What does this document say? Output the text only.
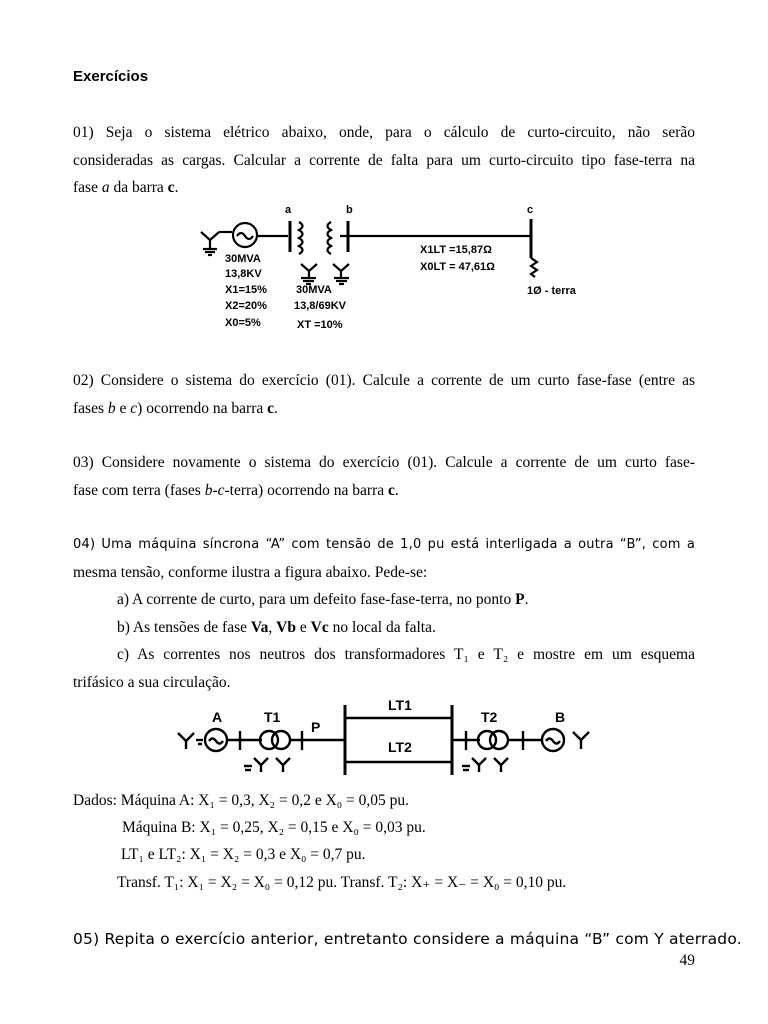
Exercícios

01) Seja o sistema elétrico abaixo, onde, para o cálculo de curto-circuito, não serão

consideradas as cargas. Calcular a corrente de falta para um curto-circuito tipo fase-terra na

fase a da barra c.

a	b	c
30MVA
13,8KV
X1=15%
X2=20%
X0=5%
30MVA
13,8/69KV
XT =10%
X1LT =15,87Ω
X0LT = 47,61Ω
1Ø - terra

02) Considere o sistema do exercício (01). Calcule a corrente de um curto fase-fase (entre as

fases b e c) ocorrendo na barra c.

03) Considere novamente o sistema do exercício (01). Calcule a corrente de um curto fase-

fase com terra (fases b-c-terra) ocorrendo na barra c.

04) Uma máquina síncrona “A” com tensão de 1,0 pu está interligada a outra “B”, com a

mesma tensão, conforme ilustra a figura abaixo. Pede-se:

a) A corrente de curto, para um defeito fase-fase-terra, no ponto P.

b) As tensões de fase Va, Vb e Vc no local da falta.

c) As correntes nos neutros dos transformadores T₁ e T₂ e mostre em um esquema

trifásico a sua circulação.

A	T1
P
LT1
LT2
T2	B
Dados: Máquina A: X₁ = 0,3, X₂ = 0,2 e X₀ = 0,05 pu.
Máquina B: X₁ = 0,25, X₂ = 0,15 e X₀ = 0,03 pu.
LT₁ e LT₂: X₁ = X₂ = 0,3 e X₀ = 0,7 pu.
Transf. T₁: X₁ = X₂ = X₀ = 0,12 pu. Transf. T₂: X₊ = X₋ = X₀ = 0,10 pu.
05) Repita o exercício anterior, entretanto considere a máquina “B” com Y aterrado.
49
